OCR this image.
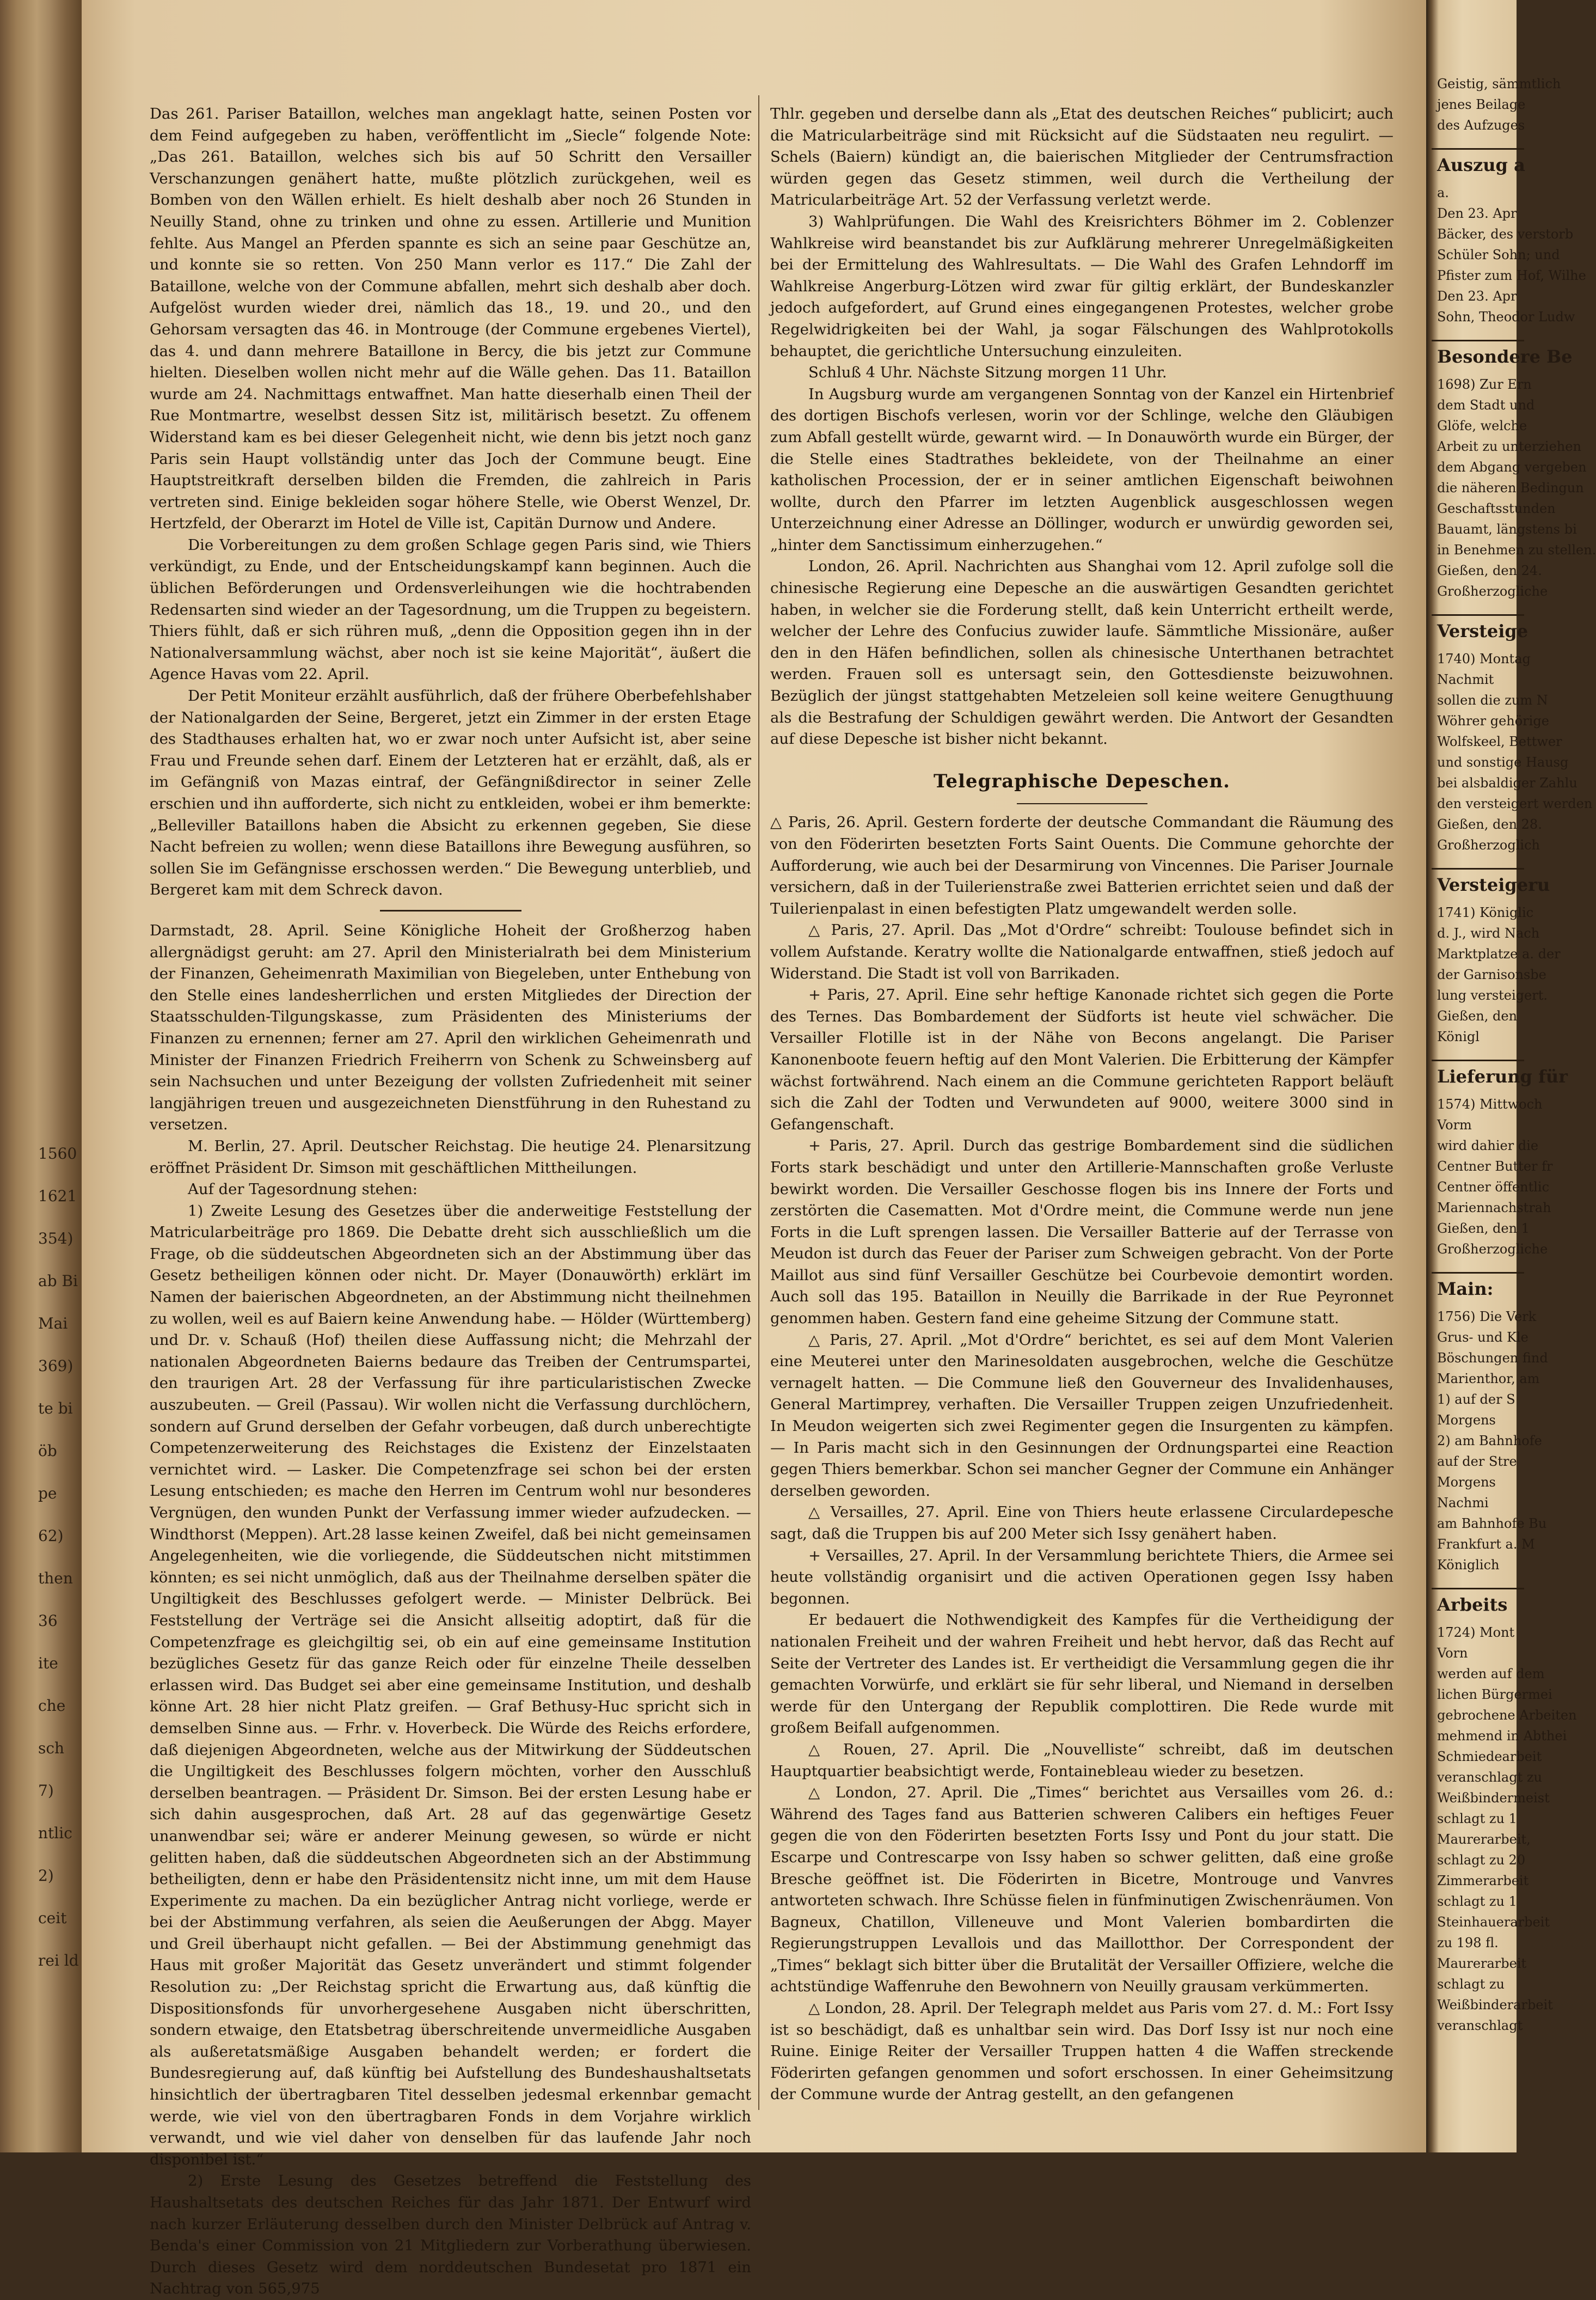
1560
1621
354)
ab Bi
Mai
369)
te bi
öb
pe
62)
then
36
ite
che
sch
7)
ntlic
2)
ceit
rei ld

Das 261. Pariser Bataillon, welches man angeklagt hatte, seinen Posten vor dem Feind aufgegeben zu haben, veröffentlicht im „Siecle“ folgende Note: „Das 261. Bataillon, welches sich bis auf 50 Schritt den Versailler Verschanzungen genähert hatte, mußte plötzlich zurückgehen, weil es Bomben von den Wällen erhielt. Es hielt deshalb aber noch 26 Stunden in Neuilly Stand, ohne zu trinken und ohne zu essen. Artillerie und Munition fehlte. Aus Mangel an Pferden spannte es sich an seine paar Geschütze an, und konnte sie so retten. Von 250 Mann verlor es 117.“ Die Zahl der Bataillone, welche von der Commune abfallen, mehrt sich deshalb aber doch. Aufgelöst wurden wieder drei, nämlich das 18., 19. und 20., und den Gehorsam versagten das 46. in Montrouge (der Commune ergebenes Viertel), das 4. und dann mehrere Bataillone in Bercy, die bis jetzt zur Commune hielten. Dieselben wollen nicht mehr auf die Wälle gehen. Das 11. Bataillon wurde am 24. Nachmittags entwaffnet. Man hatte dieserhalb einen Theil der Rue Montmartre, weselbst dessen Sitz ist, militärisch besetzt. Zu offenem Widerstand kam es bei dieser Gelegenheit nicht, wie denn bis jetzt noch ganz Paris sein Haupt vollständig unter das Joch der Commune beugt. Eine Hauptstreitkraft derselben bilden die Fremden, die zahlreich in Paris vertreten sind. Einige bekleiden sogar höhere Stelle, wie Oberst Wenzel, Dr. Hertzfeld, der Oberarzt im Hotel de Ville ist, Capitän Durnow und Andere.

Die Vorbereitungen zu dem großen Schlage gegen Paris sind, wie Thiers verkündigt, zu Ende, und der Entscheidungskampf kann beginnen. Auch die üblichen Beförderungen und Ordensverleihungen wie die hochtrabenden Redensarten sind wieder an der Tagesordnung, um die Truppen zu begeistern. Thiers fühlt, daß er sich rühren muß, „denn die Opposition gegen ihn in der Nationalversammlung wächst, aber noch ist sie keine Majorität“, äußert die Agence Havas vom 22. April.

Der Petit Moniteur erzählt ausführlich, daß der frühere Oberbefehlshaber der Nationalgarden der Seine, Bergeret, jetzt ein Zimmer in der ersten Etage des Stadthauses erhalten hat, wo er zwar noch unter Aufsicht ist, aber seine Frau und Freunde sehen darf. Einem der Letzteren hat er erzählt, daß, als er im Gefängniß von Mazas eintraf, der Gefängnißdirector in seiner Zelle erschien und ihn aufforderte, sich nicht zu entkleiden, wobei er ihm bemerkte: „Belleviller Bataillons haben die Absicht zu erkennen gegeben, Sie diese Nacht befreien zu wollen; wenn diese Bataillons ihre Bewegung ausführen, so sollen Sie im Gefängnisse erschossen werden.“ Die Bewegung unterblieb, und Bergeret kam mit dem Schreck davon.

Darmstadt, 28. April. Seine Königliche Hoheit der Großherzog haben allergnädigst geruht: am 27. April den Ministerialrath bei dem Ministerium der Finanzen, Geheimenrath Maximilian von Biegeleben, unter Enthebung von den Stelle eines landesherrlichen und ersten Mitgliedes der Direction der Staatsschulden-Tilgungskasse, zum Präsidenten des Ministeriums der Finanzen zu ernennen; ferner am 27. April den wirklichen Geheimenrath und Minister der Finanzen Friedrich Freiherrn von Schenk zu Schweinsberg auf sein Nachsuchen und unter Bezeigung der vollsten Zufriedenheit mit seiner langjährigen treuen und ausgezeichneten Dienstführung in den Ruhestand zu versetzen.

M. Berlin, 27. April. Deutscher Reichstag. Die heutige 24. Plenarsitzung eröffnet Präsident Dr. Simson mit geschäftlichen Mittheilungen.

Auf der Tagesordnung stehen:

1) Zweite Lesung des Gesetzes über die anderweitige Feststellung der Matricularbeiträge pro 1869. Die Debatte dreht sich ausschließlich um die Frage, ob die süddeutschen Abgeordneten sich an der Abstimmung über das Gesetz betheiligen können oder nicht. Dr. Mayer (Donauwörth) erklärt im Namen der baierischen Abgeordneten, an der Abstimmung nicht theilnehmen zu wollen, weil es auf Baiern keine Anwendung habe. — Hölder (Württemberg) und Dr. v. Schauß (Hof) theilen diese Auffassung nicht; die Mehrzahl der nationalen Abgeordneten Baierns bedaure das Treiben der Centrumspartei, den traurigen Art. 28 der Verfassung für ihre particularistischen Zwecke auszubeuten. — Greil (Passau). Wir wollen nicht die Verfassung durchlöchern, sondern auf Grund derselben der Gefahr vorbeugen, daß durch unberechtigte Competenzerweiterung des Reichstages die Existenz der Einzelstaaten vernichtet wird. — Lasker. Die Competenzfrage sei schon bei der ersten Lesung entschieden; es mache den Herren im Centrum wohl nur besonderes Vergnügen, den wunden Punkt der Verfassung immer wieder aufzudecken. — Windthorst (Meppen). Art.28 lasse keinen Zweifel, daß bei nicht gemeinsamen Angelegenheiten, wie die vorliegende, die Süddeutschen nicht mitstimmen könnten; es sei nicht unmöglich, daß aus der Theilnahme derselben später die Ungiltigkeit des Beschlusses gefolgert werde. — Minister Delbrück. Bei Feststellung der Verträge sei die Ansicht allseitig adoptirt, daß für die Competenzfrage es gleichgiltig sei, ob ein auf eine gemeinsame Institution bezügliches Gesetz für das ganze Reich oder für einzelne Theile desselben erlassen wird. Das Budget sei aber eine gemeinsame Institution, und deshalb könne Art. 28 hier nicht Platz greifen. — Graf Bethusy-Huc spricht sich in demselben Sinne aus. — Frhr. v. Hoverbeck. Die Würde des Reichs erfordere, daß diejenigen Abgeordneten, welche aus der Mitwirkung der Süddeutschen die Ungiltigkeit des Beschlusses folgern möchten, vorher den Ausschluß derselben beantragen. — Präsident Dr. Simson. Bei der ersten Lesung habe er sich dahin ausgesprochen, daß Art. 28 auf das gegenwärtige Gesetz unanwendbar sei; wäre er anderer Meinung gewesen, so würde er nicht gelitten haben, daß die süddeutschen Abgeordneten sich an der Abstimmung betheiligten, denn er habe den Präsidentensitz nicht inne, um mit dem Hause Experimente zu machen. Da ein bezüglicher Antrag nicht vorliege, werde er bei der Abstimmung verfahren, als seien die Aeußerungen der Abgg. Mayer und Greil überhaupt nicht gefallen. — Bei der Abstimmung genehmigt das Haus mit großer Majorität das Gesetz unverändert und stimmt folgender Resolution zu: „Der Reichstag spricht die Erwartung aus, daß künftig die Dispositionsfonds für unvorhergesehene Ausgaben nicht überschritten, sondern etwaige, den Etatsbetrag überschreitende unvermeidliche Ausgaben als außeretatsmäßige Ausgaben behandelt werden; er fordert die Bundesregierung auf, daß künftig bei Aufstellung des Bundeshaushaltsetats hinsichtlich der übertragbaren Titel desselben jedesmal erkennbar gemacht werde, wie viel von den übertragbaren Fonds in dem Vorjahre wirklich verwandt, und wie viel daher von denselben für das laufende Jahr noch disponibel ist.“

2) Erste Lesung des Gesetzes betreffend die Feststellung des Haushaltsetats des deutschen Reiches für das Jahr 1871. Der Entwurf wird nach kurzer Erläuterung desselben durch den Minister Delbrück auf Antrag v. Benda's einer Commission von 21 Mitgliedern zur Vorberathung überwiesen. Durch dieses Gesetz wird dem norddeutschen Bundesetat pro 1871 ein Nachtrag von 565,975

Thlr. gegeben und derselbe dann als „Etat des deutschen Reiches“ publicirt; auch die Matricularbeiträge sind mit Rücksicht auf die Südstaaten neu regulirt. — Schels (Baiern) kündigt an, die baierischen Mitglieder der Centrumsfraction würden gegen das Gesetz stimmen, weil durch die Vertheilung der Matricularbeiträge Art. 52 der Verfassung verletzt werde.

3) Wahlprüfungen. Die Wahl des Kreisrichters Böhmer im 2. Coblenzer Wahlkreise wird beanstandet bis zur Aufklärung mehrerer Unregelmäßigkeiten bei der Ermittelung des Wahlresultats. — Die Wahl des Grafen Lehndorff im Wahlkreise Angerburg-Lötzen wird zwar für giltig erklärt, der Bundeskanzler jedoch aufgefordert, auf Grund eines eingegangenen Protestes, welcher grobe Regelwidrigkeiten bei der Wahl, ja sogar Fälschungen des Wahlprotokolls behauptet, die gerichtliche Untersuchung einzuleiten.

Schluß 4 Uhr. Nächste Sitzung morgen 11 Uhr.

In Augsburg wurde am vergangenen Sonntag von der Kanzel ein Hirtenbrief des dortigen Bischofs verlesen, worin vor der Schlinge, welche den Gläubigen zum Abfall gestellt würde, gewarnt wird. — In Donauwörth wurde ein Bürger, der die Stelle eines Stadtrathes bekleidete, von der Theilnahme an einer katholischen Procession, der er in seiner amtlichen Eigenschaft beiwohnen wollte, durch den Pfarrer im letzten Augenblick ausgeschlossen wegen Unterzeichnung einer Adresse an Döllinger, wodurch er unwürdig geworden sei, „hinter dem Sanctissimum einherzugehen.“

London, 26. April. Nachrichten aus Shanghai vom 12. April zufolge soll die chinesische Regierung eine Depesche an die auswärtigen Gesandten gerichtet haben, in welcher sie die Forderung stellt, daß kein Unterricht ertheilt werde, welcher der Lehre des Confucius zuwider laufe. Sämmtliche Missionäre, außer den in den Häfen befindlichen, sollen als chinesische Unterthanen betrachtet werden. Frauen soll es untersagt sein, den Gottesdienste beizuwohnen. Bezüglich der jüngst stattgehabten Metzeleien soll keine weitere Genugthuung als die Bestrafung der Schuldigen gewährt werden. Die Antwort der Gesandten auf diese Depesche ist bisher nicht bekannt.

Telegraphische Depeschen.

△ Paris, 26. April. Gestern forderte der deutsche Commandant die Räumung des von den Föderirten besetzten Forts Saint Ouents. Die Commune gehorchte der Aufforderung, wie auch bei der Desarmirung von Vincennes. Die Pariser Journale versichern, daß in der Tuilerienstraße zwei Batterien errichtet seien und daß der Tuilerienpalast in einen befestigten Platz umgewandelt werden solle.

△ Paris, 27. April. Das „Mot d'Ordre“ schreibt: Toulouse befindet sich in vollem Aufstande. Keratry wollte die Nationalgarde entwaffnen, stieß jedoch auf Widerstand. Die Stadt ist voll von Barrikaden.

+ Paris, 27. April. Eine sehr heftige Kanonade richtet sich gegen die Porte des Ternes. Das Bombardement der Südforts ist heute viel schwächer. Die Versailler Flotille ist in der Nähe von Becons angelangt. Die Pariser Kanonenboote feuern heftig auf den Mont Valerien. Die Erbitterung der Kämpfer wächst fortwährend. Nach einem an die Commune gerichteten Rapport beläuft sich die Zahl der Todten und Verwundeten auf 9000, weitere 3000 sind in Gefangenschaft.

+ Paris, 27. April. Durch das gestrige Bombardement sind die südlichen Forts stark beschädigt und unter den Artillerie-Mannschaften große Verluste bewirkt worden. Die Versailler Geschosse flogen bis ins Innere der Forts und zerstörten die Casematten. Mot d'Ordre meint, die Commune werde nun jene Forts in die Luft sprengen lassen. Die Versailler Batterie auf der Terrasse von Meudon ist durch das Feuer der Pariser zum Schweigen gebracht. Von der Porte Maillot aus sind fünf Versailler Geschütze bei Courbevoie demontirt worden. Auch soll das 195. Bataillon in Neuilly die Barrikade in der Rue Peyronnet genommen haben. Gestern fand eine geheime Sitzung der Commune statt.

△ Paris, 27. April. „Mot d'Ordre“ berichtet, es sei auf dem Mont Valerien eine Meuterei unter den Marinesoldaten ausgebrochen, welche die Geschütze vernagelt hatten. — Die Commune ließ den Gouverneur des Invalidenhauses, General Martimprey, verhaften. Die Versailler Truppen zeigen Unzufriedenheit. In Meudon weigerten sich zwei Regimenter gegen die Insurgenten zu kämpfen. — In Paris macht sich in den Gesinnungen der Ordnungspartei eine Reaction gegen Thiers bemerkbar. Schon sei mancher Gegner der Commune ein Anhänger derselben geworden.

△ Versailles, 27. April. Eine von Thiers heute erlassene Circulardepesche sagt, daß die Truppen bis auf 200 Meter sich Issy genähert haben.

+ Versailles, 27. April. In der Versammlung berichtete Thiers, die Armee sei heute vollständig organisirt und die activen Operationen gegen Issy haben begonnen.

Er bedauert die Nothwendigkeit des Kampfes für die Vertheidigung der nationalen Freiheit und der wahren Freiheit und hebt hervor, daß das Recht auf Seite der Vertreter des Landes ist. Er vertheidigt die Versammlung gegen die ihr gemachten Vorwürfe, und erklärt sie für sehr liberal, und Niemand in derselben werde für den Untergang der Republik complottiren. Die Rede wurde mit großem Beifall aufgenommen.

△ Rouen, 27. April. Die „Nouvelliste“ schreibt, daß im deutschen Hauptquartier beabsichtigt werde, Fontainebleau wieder zu besetzen.

△ London, 27. April. Die „Times“ berichtet aus Versailles vom 26. d.: Während des Tages fand aus Batterien schweren Calibers ein heftiges Feuer gegen die von den Föderirten besetzten Forts Issy und Pont du jour statt. Die Escarpe und Contrescarpe von Issy haben so schwer gelitten, daß eine große Bresche geöffnet ist. Die Föderirten in Bicetre, Montrouge und Vanvres antworteten schwach. Ihre Schüsse fielen in fünfminutigen Zwischenräumen. Von Bagneux, Chatillon, Villeneuve und Mont Valerien bombardirten die Regierungstruppen Levallois und das Maillotthor. Der Correspondent der „Times“ beklagt sich bitter über die Brutalität der Versailler Offiziere, welche die achtstündige Waffenruhe den Bewohnern von Neuilly grausam verkümmerten.

△ London, 28. April. Der Telegraph meldet aus Paris vom 27. d. M.: Fort Issy ist so beschädigt, daß es unhaltbar sein wird. Das Dorf Issy ist nur noch eine Ruine. Einige Reiter der Versailler Truppen hatten 4 die Waffen streckende Föderirten gefangen genommen und sofort erschossen. In einer Geheimsitzung der Commune wurde der Antrag gestellt, an den gefangenen

Geistig, sämmtlich
jenes Beilage
des Aufzuges
Auszug a
a.
Den 23. Apr
Bäcker, des verstorb
Schüler Sohn; und
Pfister zum Hof, Wilhe
Den 23. Apr
Sohn, Theodor Ludw
Besondere Be
1698) Zur Ern
dem Stadt und
Glöfe, welche
Arbeit zu unterziehen
dem Abgang vergeben
die näheren Bedingun
Geschaftsstunden
Bauamt, längstens bi
in Benehmen zu stellen.
Gießen, den 24.
Großherzogliche
Versteige
1740) Montag
Nachmit
sollen die zum N
Wöhrer gehörige
Wolfskeel, Bettwer
und sonstige Hausg
bei alsbaldiger Zahlu
den versteigert werden
Gießen, den 28.
Großherzoglich
Versteigeru
1741) Königlic
d. J., wird Nach
Marktplatze a. der
der Garnisonsbe
lung versteigert.
Gießen, den
Königl
Lieferung für
1574) Mittwoch
Vorm
wird dahier die
Centner Butter fr
Centner öffentlic
Mariennachstrah
Gießen, den 1
Großherzogliche
Main:
1756) Die Verk
Grus- und Kle
Böschungen find
Marienthor, am
1) auf der S
Morgens
2) am Bahnhofe
auf der Stre
Morgens
Nachmi
am Bahnhofe Bu
Frankfurt a. M
Königlich
Arbeits
1724) Mont
Vorn
werden auf dem
lichen Bürgermei
gebrochene Arbeiten
mehmend in Abthei
Schmiedearbeit
veranschlagt zu
Weißbindermeist
schlagt zu 1
Maurerarbeit,
schlagt zu 20
Zimmerarbeit
schlagt zu 1
Steinhauerarbeit
zu 198 fl.
Maurerarbeit
schlagt zu
Weißbinderarbeit
veranschlagt
